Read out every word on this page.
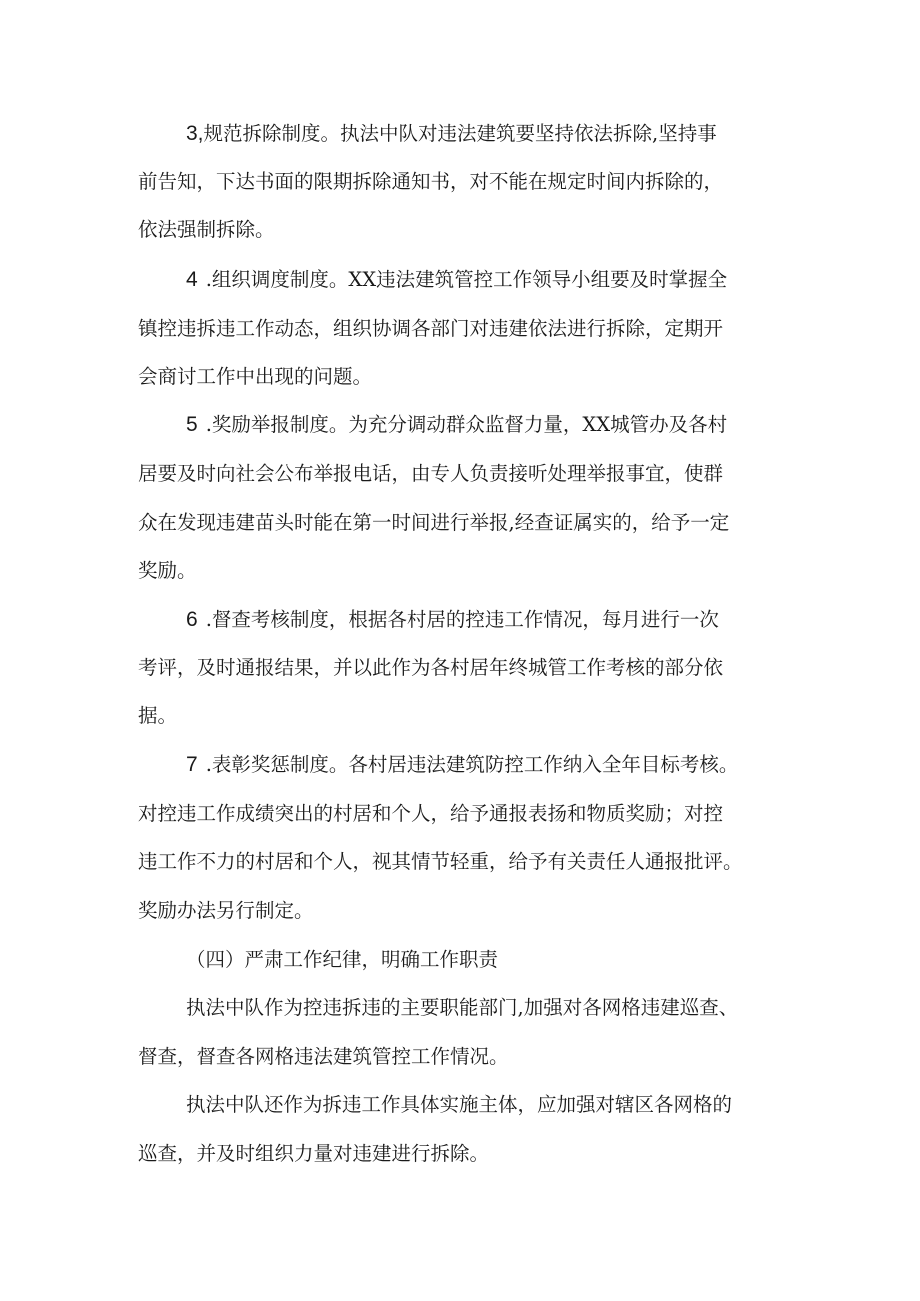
3,规范拆除制度。执法中队对违法建筑要坚持依法拆除,坚持事
前告知，下达书面的限期拆除通知书，对不能在规定时间内拆除的，
依法强制拆除。
4 .组织调度制度。XX违法建筑管控工作领导小组要及时掌握全
镇控违拆违工作动态，组织协调各部门对违建依法进行拆除，定期开
会商讨工作中出现的问题。
5 .奖励举报制度。为充分调动群众监督力量，XX城管办及各村
居要及时向社会公布举报电话，由专人负责接听处理举报事宜，使群
众在发现违建苗头时能在第一时间进行举报,经查证属实的，给予一定
奖励。
6 .督查考核制度，根据各村居的控违工作情况，每月进行一次
考评，及时通报结果，并以此作为各村居年终城管工作考核的部分依
据。
7 .表彰奖惩制度。各村居违法建筑防控工作纳入全年目标考核。
对控违工作成绩突出的村居和个人，给予通报表扬和物质奖励；对控
违工作不力的村居和个人，视其情节轻重，给予有关责任人通报批评。
奖励办法另行制定。
（四）严肃工作纪律，明确工作职责
执法中队作为控违拆违的主要职能部门,加强对各网格违建巡查、
督查，督查各网格违法建筑管控工作情况。
执法中队还作为拆违工作具体实施主体，应加强对辖区各网格的
巡查，并及时组织力量对违建进行拆除。
